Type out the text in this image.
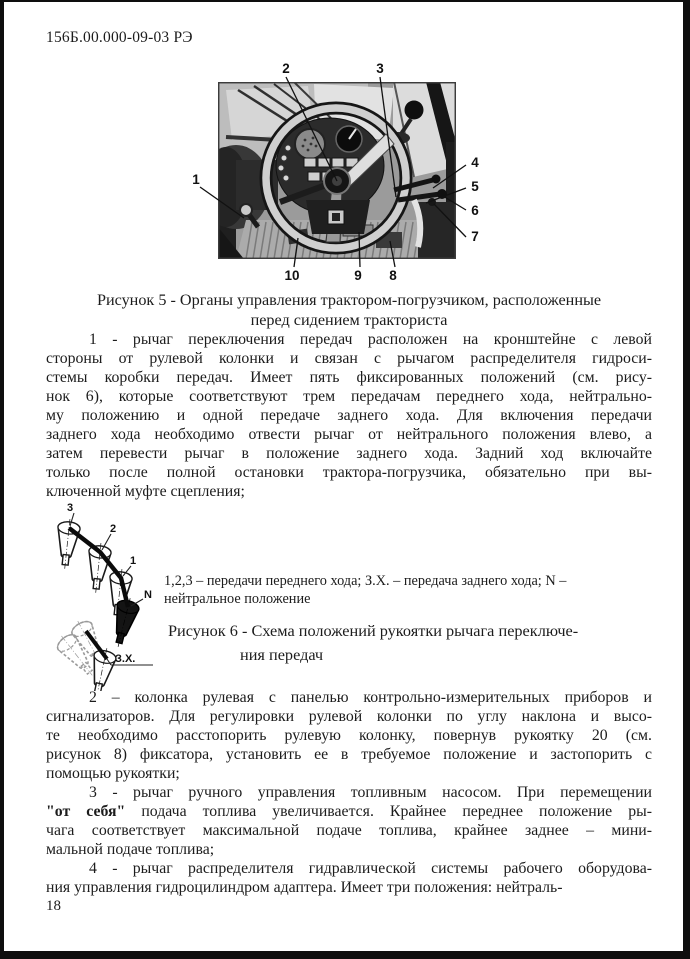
156Б.00.000-09-03 РЭ
2	3
1
4
5
6
7
10	9 8
Рисунок 5 - Органы управления трактором-погрузчиком, расположенные
перед сидением тракториста
1 - рычаг переключения передач расположен на кронштейне с левой
стороны от рулевой колонки и связан с рычагом распределителя гидроси-
стемы коробки передач. Имеет пять фиксированных положений (см. рису-
нок 6), которые соответствуют трем передачам переднего хода, нейтрально-
му положению и одной передаче заднего хода. Для включения передачи
заднего хода необходимо отвести рычаг от нейтрального положения влево, а
затем перевести рычаг в положение заднего хода. Задний ход включайте
только после полной остановки трактора-погрузчика, обязательно при вы-
ключенной муфте сцепления;
3
2
1
N
З.Х.
1,2,3 – передачи переднего хода; З.Х. – передача заднего хода; N –
нейтральное положение
Рисунок 6 - Схема положений рукоятки рычага переключе-
ния передач
2 – колонка рулевая с панелью контрольно-измерительных приборов и
сигнализаторов. Для регулировки рулевой колонки по углу наклона и высо-
те необходимо расстопорить рулевую колонку, повернув рукоятку 20 (см.
рисунок 8) фиксатора, установить ее в требуемое положение и застопорить с
помощью рукоятки;
3 - рычаг ручного управления топливным насосом. При перемещении
"от себя" подача топлива увеличивается. Крайнее переднее положение ры-
чага соответствует максимальной подаче топлива, крайнее заднее – мини-
мальной подаче топлива;
4 - рычаг распределителя гидравлической системы рабочего оборудова-
ния управления гидроцилиндром адаптера. Имеет три положения: нейтраль-
18
